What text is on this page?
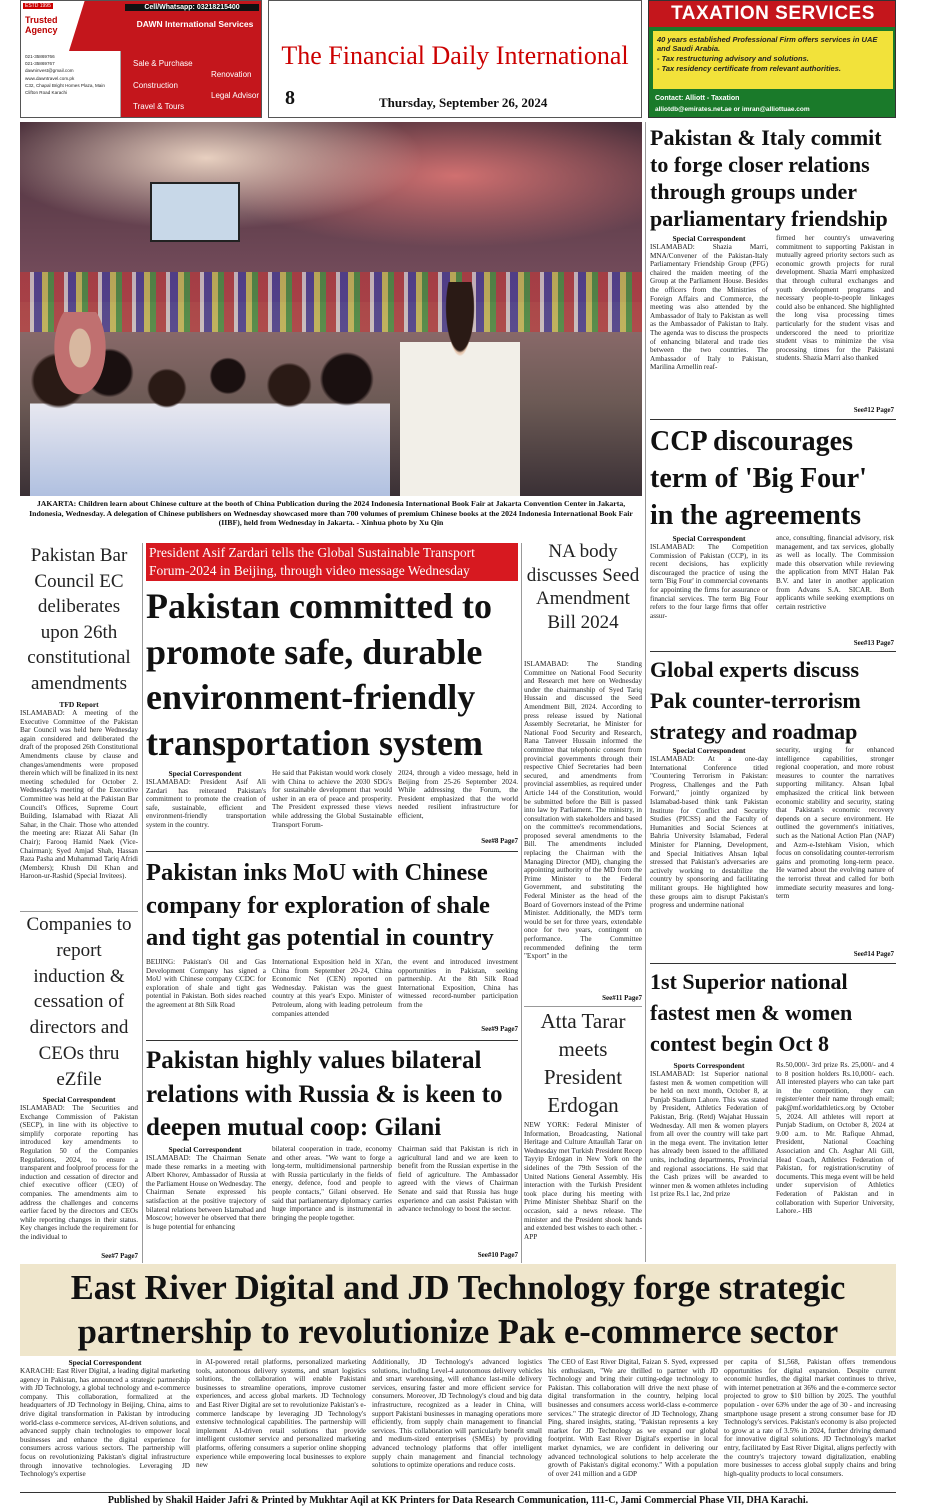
ESTD 1995
Trusted Agency
021-35869766
021-35869767
dawninvest@gmail.com
www.dawntravel.com.pk
C32, Chapal Bright Homes Plaza, Main Clifton Road Karachi
Cell/Whatsapp: 03218215400
DAWN International Services
Sale & Purchase
Renovation
Construction
Legal Advisor
Travel & Tours
The Financial Daily International
8	Thursday, September 26, 2024
TAXATION SERVICES
40 years established Professional Firm offers services in UAE and Saudi Arabia.
- Tax restructuring advisory and solutions.
- Tax residency certificate from relevant authorities.
Contact: Alliott - Taxation
alliotdb@emirates.net.ae or imran@alliottuae.com
JAKARTA: Children learn about Chinese culture at the booth of China Publication during the 2024 Indonesia International Book Fair at Jakarta Convention Center in Jakarta, Indonesia, Wednesday. A delegation of Chinese publishers on Wednesday showcased more than 700 volumes of premium Chinese books at the 2024 Indonesia International Book Fair (IIBF), held from Wednesday in Jakarta. - Xinhua photo by Xu Qin
Pakistan & Italy commit to forge closer relations through groups under parliamentary friendship
Special Correspondent
ISLAMABAD: Shazia Marri, MNA/Convener of the Pakistan-Italy Parliamentary Friendship Group (PFG) chaired the maiden meeting of the Group at the Parliament House. Besides the officers from the Ministries of Foreign Affairs and Commerce, the meeting was also attended by the Ambassador of Italy to Pakistan as well as the Ambassador of Pakistan to Italy. The agenda was to discuss the prospects of enhancing bilateral and trade ties between the two countries. The Ambassador of Italy to Pakistan, Marilina Armellin reaf-
firmed her country's unwavering commitment to supporting Pakistan in mutually agreed priority sectors such as economic growth projects for rural development. Shazia Marri emphasized that through cultural exchanges and youth development programs and necessary people-to-people linkages could also be enhanced. She highlighted the long visa processing times particularly for the student visas and underscored the need to prioritize student visas to minimize the visa processing times for the Pakistani students. Shazia Marri also thanked
See#12 Page7
CCP discourages term of 'Big Four' in the agreements
Special Correspondent
ISLAMABAD: The Competition Commission of Pakistan (CCP), in its recent decisions, has explicitly discouraged the practice of using the term 'Big Four' in commercial covenants for appointing the firms for assurance or financial services. The term Big Four refers to the four large firms that offer assur-
ance, consulting, financial advisory, risk management, and tax services, globally as well as locally. The Commission made this observation while reviewing the application from MNT Halan Pak B.V. and later in another application from Advans S.A. SICAR. Both applicants while seeking exemptions on certain restrictive
See#13 Page7
Global experts discuss Pak counter-terrorism strategy and roadmap
Special Correspondent
ISLAMABAD: At a one-day International Conference titled "Countering Terrorism in Pakistan: Progress, Challenges and the Path Forward," jointly organized by Islamabad-based think tank Pakistan Institute for Conflict and Security Studies (PICSS) and the Faculty of Humanities and Social Sciences at Bahria University Islamabad, Federal Minister for Planning, Development, and Special Initiatives Ahsan Iqbal stressed that Pakistan's adversaries are actively working to destabilize the country by sponsoring and facilitating militant groups. He highlighted how these groups aim to disrupt Pakistan's progress and undermine national
security, urging for enhanced intelligence capabilities, stronger regional cooperation, and more robust measures to counter the narratives supporting militancy. Ahsan Iqbal emphasized the critical link between economic stability and security, stating that Pakistan's economic recovery depends on a secure environment. He outlined the government's initiatives, such as the National Action Plan (NAP) and Azm-e-Istehkam Vision, which focus on consolidating counter-terrorism gains and promoting long-term peace. He warned about the evolving nature of the terrorist threat and called for both immediate security measures and long-term
See#14 Page7
1st Superior national fastest men & women contest begin Oct 8
Sports Correspondent
ISLAMABAD: 1st Superior national fastest men & women competition will be held on next month, October 8, at Punjab Stadium Lahore. This was stated by President, Athletics Federation of Pakistan, Brig. (Retd) Wajahat Hussain Wednesday. All men & women players from all over the country will take part in the mega event. The invitation letter has already been issued to the affiliated units, including departments, Provincial and regional associations. He said that the Cash prizes will be awarded to winner men & women athletes including 1st prize Rs.1 lac, 2nd prize
Rs.50,000/- 3rd prize Rs. 25,000/- and 4 to 8 position holders Rs.10,000/- each. All interested players who can take part in the competition, they can register/enter their name through email; pak@mf.worldathletics.org by October 5, 2024. All athletes will report at Punjab Stadium, on October 8, 2024 at 9.00 a.m. to Mr. Rafique Ahmad, President, National Coaching Association and Ch. Asghar Ali Gill, Head Coach, Athletics Federation of Pakistan, for registration/scrutiny of documents. This mega event will be held under supervision of Athletics Federation of Pakistan and in collaboration with Superior University, Lahore.- HB
Pakistan Bar Council EC deliberates upon 26th constitutional amendments
TFD Report
ISLAMABAD: A meeting of the Executive Committee of the Pakistan Bar Council was held here Wednesday again considered and deliberated the draft of the proposed 26th Constitutional Amendments clause by clause and changes/amendments were proposed therein which will be finalized in its next meeting scheduled for October 2. Wednesday's meeting of the Executive Committee was held at the Pakistan Bar Council's Offices, Supreme Court Building, Islamabad with Riazat Ali Sahar, in the Chair. Those who attended the meeting are: Riazat Ali Sahar (In Chair); Farooq Hamid Naek (Vice-Chairman); Syed Amjad Shah, Hassan Raza Pasha and Muhammad Tariq Afridi (Members); Khush Dil Khan and Haroon-ur-Rashid (Special Invitees).
Companies to report induction & cessation of directors and CEOs thru eZfile
Special Correspondent
ISLAMABAD: The Securities and Exchange Commission of Pakistan (SECP), in line with its objective to simplify corporate reporting has introduced key amendments to Regulation 50 of the Companies Regulations, 2024, to ensure a transparent and foolproof process for the induction and cessation of director and chief executive officer (CEO) of companies. The amendments aim to address the challenges and concerns earlier faced by the directors and CEOs while reporting changes in their status. Key changes include the requirement for the individual to
See#7 Page7
President Asif Zardari tells the Global Sustainable Transport Forum-2024 in Beijing, through video message Wednesday
Pakistan committed to promote safe, durable environment-friendly transportation system
Special Correspondent
ISLAMABAD: President Asif Ali Zardari has reiterated Pakistan's commitment to promote the creation of safe, sustainable, efficient and environment-friendly transportation system in the country.
He said that Pakistan would work closely with China to achieve the 2030 SDG's for sustainable development that would usher in an era of peace and prosperity. The President expressed these views while addressing the Global Sustainable Transport Forum-
2024, through a video message, held in Beijing from 25-26 September 2024. While addressing the Forum, the President emphasized that the world needed resilient infrastructure for efficient,
See#8 Page7
Pakistan inks MoU with Chinese company for exploration of shale and tight gas potential in country
BEIJING: Pakistan's Oil and Gas Development Company has signed a MoU with Chinese company CCDC for exploration of shale and tight gas potential in Pakistan. Both sides reached the agreement at 8th Silk Road
International Exposition held in Xi'an, China from September 20-24, China Economic Net (CEN) reported on Wednesday. Pakistan was the guest country at this year's Expo. Minister of Petroleum, along with leading petroleum companies attended
the event and introduced investment opportunities in Pakistan, seeking partnership. At the 8th Silk Road International Exposition, China has witnessed record-number participation from the
See#9 Page7
Pakistan highly values bilateral relations with Russia & is keen to deepen mutual coop: Gilani
Special Correspondent
ISLAMABAD: The Chairman Senate made these remarks in a meeting with Albert Khorev, Ambassador of Russia at the Parliament House on Wednesday. The Chairman Senate expressed his satisfaction at the positive trajectory of bilateral relations between Islamabad and Moscow; however he observed that there is huge potential for enhancing
bilateral cooperation in trade, economy and other areas. "We want to forge a long-term, multidimensional partnership with Russia particularly in the fields of energy, defence, food and people to people contacts," Gilani observed. He said that parliamentary diplomacy carries huge importance and is instrumental in bringing the people together.
Chairman said that Pakistan is rich in agricultural land and we are keen to benefit from the Russian expertise in the field of agriculture. The Ambassador agreed with the views of Chairman Senate and said that Russia has huge experience and can assist Pakistan with advance technology to boost the sector.
See#10 Page7
NA body discusses Seed Amendment Bill 2024
ISLAMABAD: The Standing Committee on National Food Security and Research met here on Wednesday under the chairmanship of Syed Tariq Hussain and discussed the Seed Amendment Bill, 2024. According to press release issued by National Assembly Secretariat, he Minister for National Food Security and Research, Rana Tanveer Hussain informed the committee that telephonic consent from provincial governments through their respective Chief Secretaries had been secured, and amendments from provincial assemblies, as required under Article 144 of the Constitution, would be submitted before the Bill is passed into law by Parliament. The ministry, in consultation with stakeholders and based on the committee's recommendations, proposed several amendments to the Bill. The amendments included replacing the Chairman with the Managing Director (MD), changing the appointing authority of the MD from the Prime Minister to the Federal Government, and substituting the Federal Minister as the head of the Board of Governors instead of the Prime Minister. Additionally, the MD's term would be set for three years, extendable once for two years, contingent on performance. The Committee recommended defining the term "Export" in the
See#11 Page7
Atta Tarar meets President Erdogan
NEW YORK: Federal Minister of Information, Broadcasting, National Heritage and Culture Attaullah Tarar on Wednesday met Turkish President Recep Tayyip Erdogan in New York on the sidelines of the 79th Session of the United Nations General Assembly. His interaction with the Turkish President took place during his meeting with Prime Minister Shehbaz Sharif on the occasion, said a news release. The minister and the President shook hands and extended best wishes to each other. - APP
East River Digital and JD Technology forge strategic
partnership to revolutionize Pak e-commerce sector
Special Correspondent
KARACHI: East River Digital, a leading digital marketing agency in Pakistan, has announced a strategic partnership with JD Technology, a global technology and e-commerce company. This collaboration, formalized at the headquarters of JD Technology in Beijing, China, aims to drive digital transformation in Pakistan by introducing world-class e-commerce services, AI-driven solutions, and advanced supply chain technologies to empower local businesses and enhance the digital experience for consumers across various sectors. The partnership will focus on revolutionizing Pakistan's digital infrastructure through innovative technologies. Leveraging JD Technology's expertise
in AI-powered retail platforms, personalized marketing tools, autonomous delivery systems, and smart logistics solutions, the collaboration will enable Pakistani businesses to streamline operations, improve customer experiences, and access global markets. JD Technology and East River Digital are set to revolutionize Pakistan's e-commerce landscape by leveraging JD Technology's extensive technological capabilities. The partnership will implement AI-driven retail solutions that provide intelligent customer service and personalized marketing platforms, offering consumers a superior online shopping experience while empowering local businesses to explore new
Additionally, JD Technology's advanced logistics solutions, including Level-4 autonomous delivery vehicles and smart warehousing, will enhance last-mile delivery services, ensuring faster and more efficient service for consumers. Moreover, JD Technology's cloud and big data infrastructure, recognized as a leader in China, will support Pakistani businesses in managing operations more efficiently, from supply chain management to financial services. This collaboration will particularly benefit small and medium-sized enterprises (SMEs) by providing advanced technology platforms that offer intelligent supply chain management and financial technology solutions to optimize operations and reduce costs.
The CEO of East River Digital, Faizan S. Syed, expressed his enthusiasm, "We are thrilled to partner with JD Technology and bring their cutting-edge technology to Pakistan. This collaboration will drive the next phase of digital transformation in the country, helping local businesses and consumers access world-class e-commerce services." The strategic director of JD Technology, Zhang Ping, shared insights, stating, "Pakistan represents a key market for JD Technology as we expand our global footprint. With East River Digital's expertise in local market dynamics, we are confident in delivering our advanced technological solutions to help accelerate the growth of Pakistan's digital economy." With a population of over 241 million and a GDP
per capita of $1,568, Pakistan offers tremendous opportunities for digital expansion. Despite current economic hurdles, the digital market continues to thrive, with internet penetration at 36% and the e-commerce sector projected to grow to $10 billion by 2025. The youthful population - over 63% under the age of 30 - and increasing smartphone usage present a strong consumer base for JD Technology's services. Pakistan's economy is also projected to grow at a rate of 3.5% in 2024, further driving demand for innovative digital solutions. JD Technology's market entry, facilitated by East River Digital, aligns perfectly with the country's trajectory toward digitalization, enabling more businesses to access global supply chains and bring high-quality products to local consumers.
Published by Shakil Haider Jafri & Printed by Mukhtar Aqil at KK Printers for Data Research Communication, 111-C, Jami Commercial Phase VII, DHA Karachi.
